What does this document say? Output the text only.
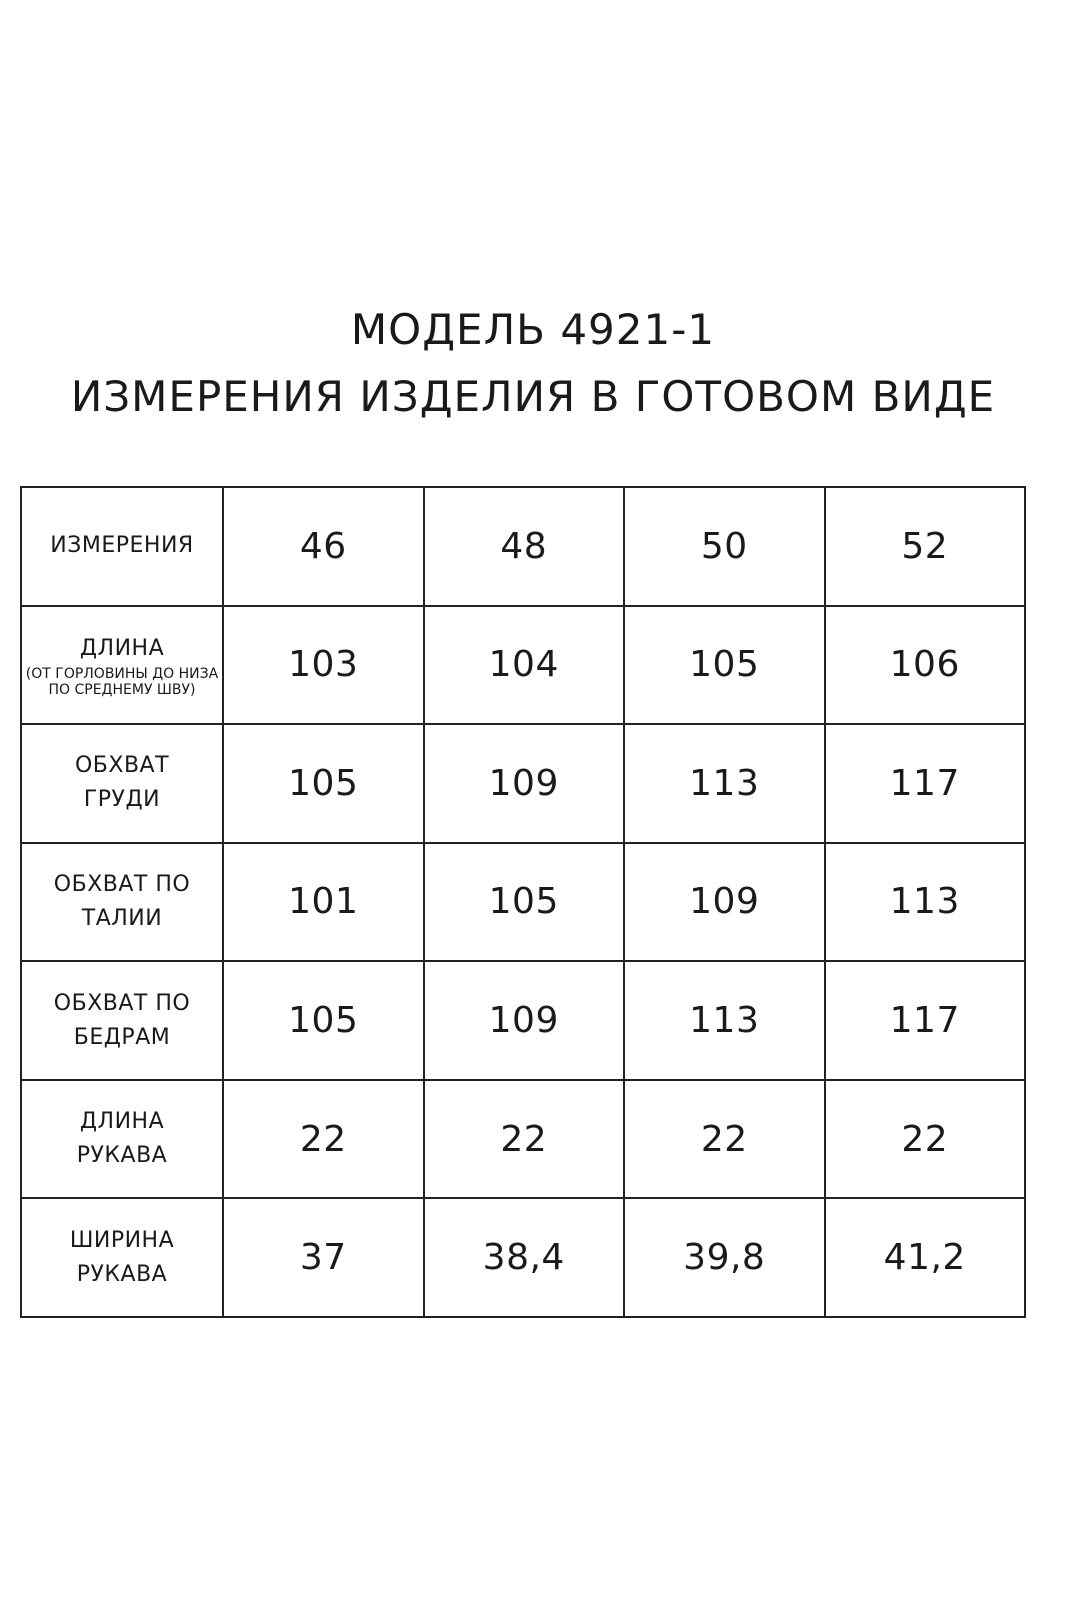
МОДЕЛЬ 4921-1
ИЗМЕРЕНИЯ ИЗДЕЛИЯ В ГОТОВОМ ВИДЕ
ИЗМЕРЕНИЯ	46	48	50	52

ДЛИНА
(ОТ ГОРЛОВИНЫ ДО НИЗА ПО СРЕДНЕМУ ШВУ)	103	104	105	106

ОБХВАТ
ГРУДИ	105	109	113	117

ОБХВАТ ПО
ТАЛИИ	101	105	109	113

ОБХВАТ ПО
БЕДРАМ	105	109	113	117

ДЛИНА
РУКАВА	22	22	22	22

ШИРИНА
РУКАВА	37	38,4	39,8	41,2
